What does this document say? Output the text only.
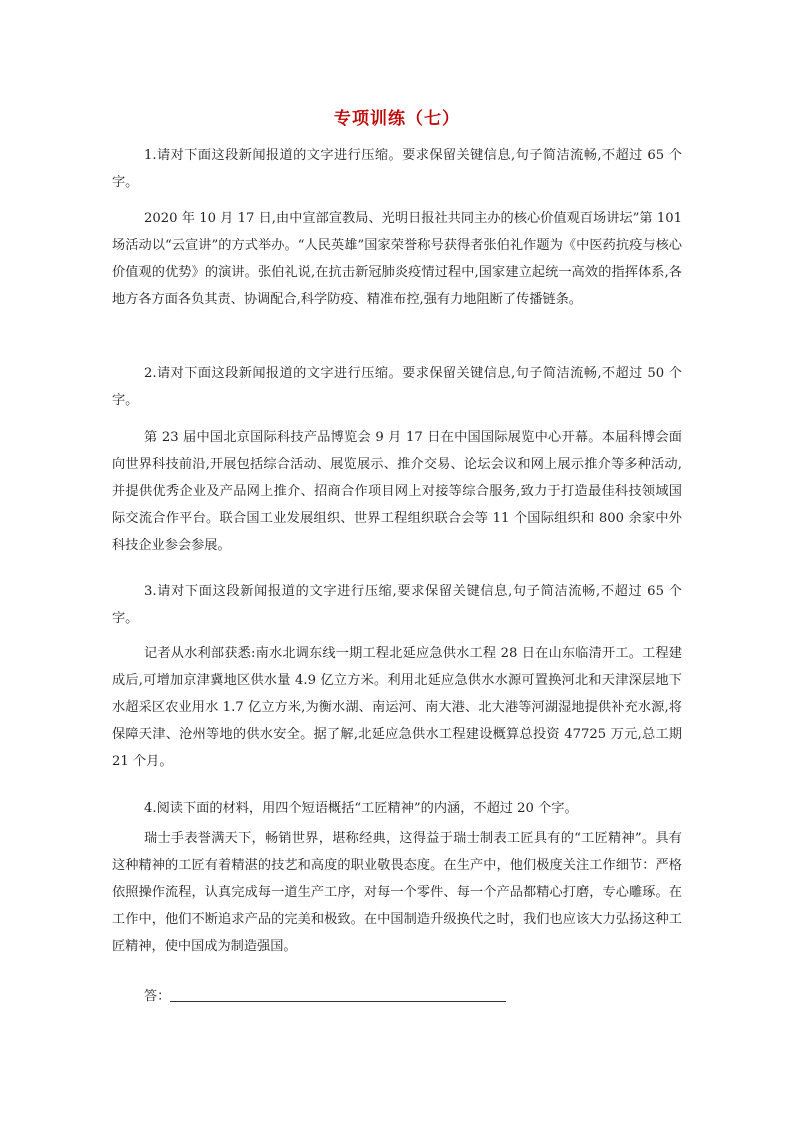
专项训练（七）
1.请对下面这段新闻报道的文字进行压缩。要求保留关键信息,句子简洁流畅,不超过 65 个字。
2020 年 10 月 17 日,由中宣部宣教局、光明日报社共同主办的核心价值观百场讲坛”第 101 场活动以“云宣讲”的方式举办。“人民英雄”国家荣誉称号获得者张伯礼作题为《中医药抗疫与核心价值观的优势》的演讲。张伯礼说,在抗击新冠肺炎疫情过程中,国家建立起统一高效的指挥体系,各地方各方面各负其责、协调配合,科学防疫、精准布控,强有力地阻断了传播链条。
2.请对下面这段新闻报道的文字进行压缩。要求保留关键信息,句子简洁流畅,不超过 50 个字。
第 23 届中国北京国际科技产品博览会 9 月 17 日在中国国际展览中心开幕。本届科博会面向世界科技前沿,开展包括综合活动、展览展示、推介交易、论坛会议和网上展示推介等多种活动,并提供优秀企业及产品网上推介、招商合作项目网上对接等综合服务,致力于打造最佳科技领域国际交流合作平台。联合国工业发展组织、世界工程组织联合会等 11 个国际组织和 800 余家中外科技企业参会参展。
3.请对下面这段新闻报道的文字进行压缩,要求保留关键信息,句子简洁流畅,不超过 65 个字。
记者从水利部获悉:南水北调东线一期工程北延应急供水工程 28 日在山东临清开工。工程建成后,可增加京津冀地区供水量 4.9 亿立方米。利用北延应急供水水源可置换河北和天津深层地下水超采区农业用水 1.7 亿立方米,为衡水湖、南运河、南大港、北大港等河湖湿地提供补充水源,将保障天津、沧州等地的供水安全。据了解,北延应急供水工程建设概算总投资 47725 万元,总工期 21 个月。
4.阅读下面的材料，用四个短语概括“工匠精神”的内涵，不超过 20 个字。
瑞士手表誉满天下，畅销世界，堪称经典，这得益于瑞士制表工匠具有的“工匠精神”。具有这种精神的工匠有着精湛的技艺和高度的职业敬畏态度。在生产中，他们极度关注工作细节：严格依照操作流程，认真完成每一道生产工序，对每一个零件、每一个产品都精心打磨，专心雕琢。在工作中，他们不断追求产品的完美和极致。在中国制造升级换代之时，我们也应该大力弘扬这种工匠精神，使中国成为制造强国。
答：
